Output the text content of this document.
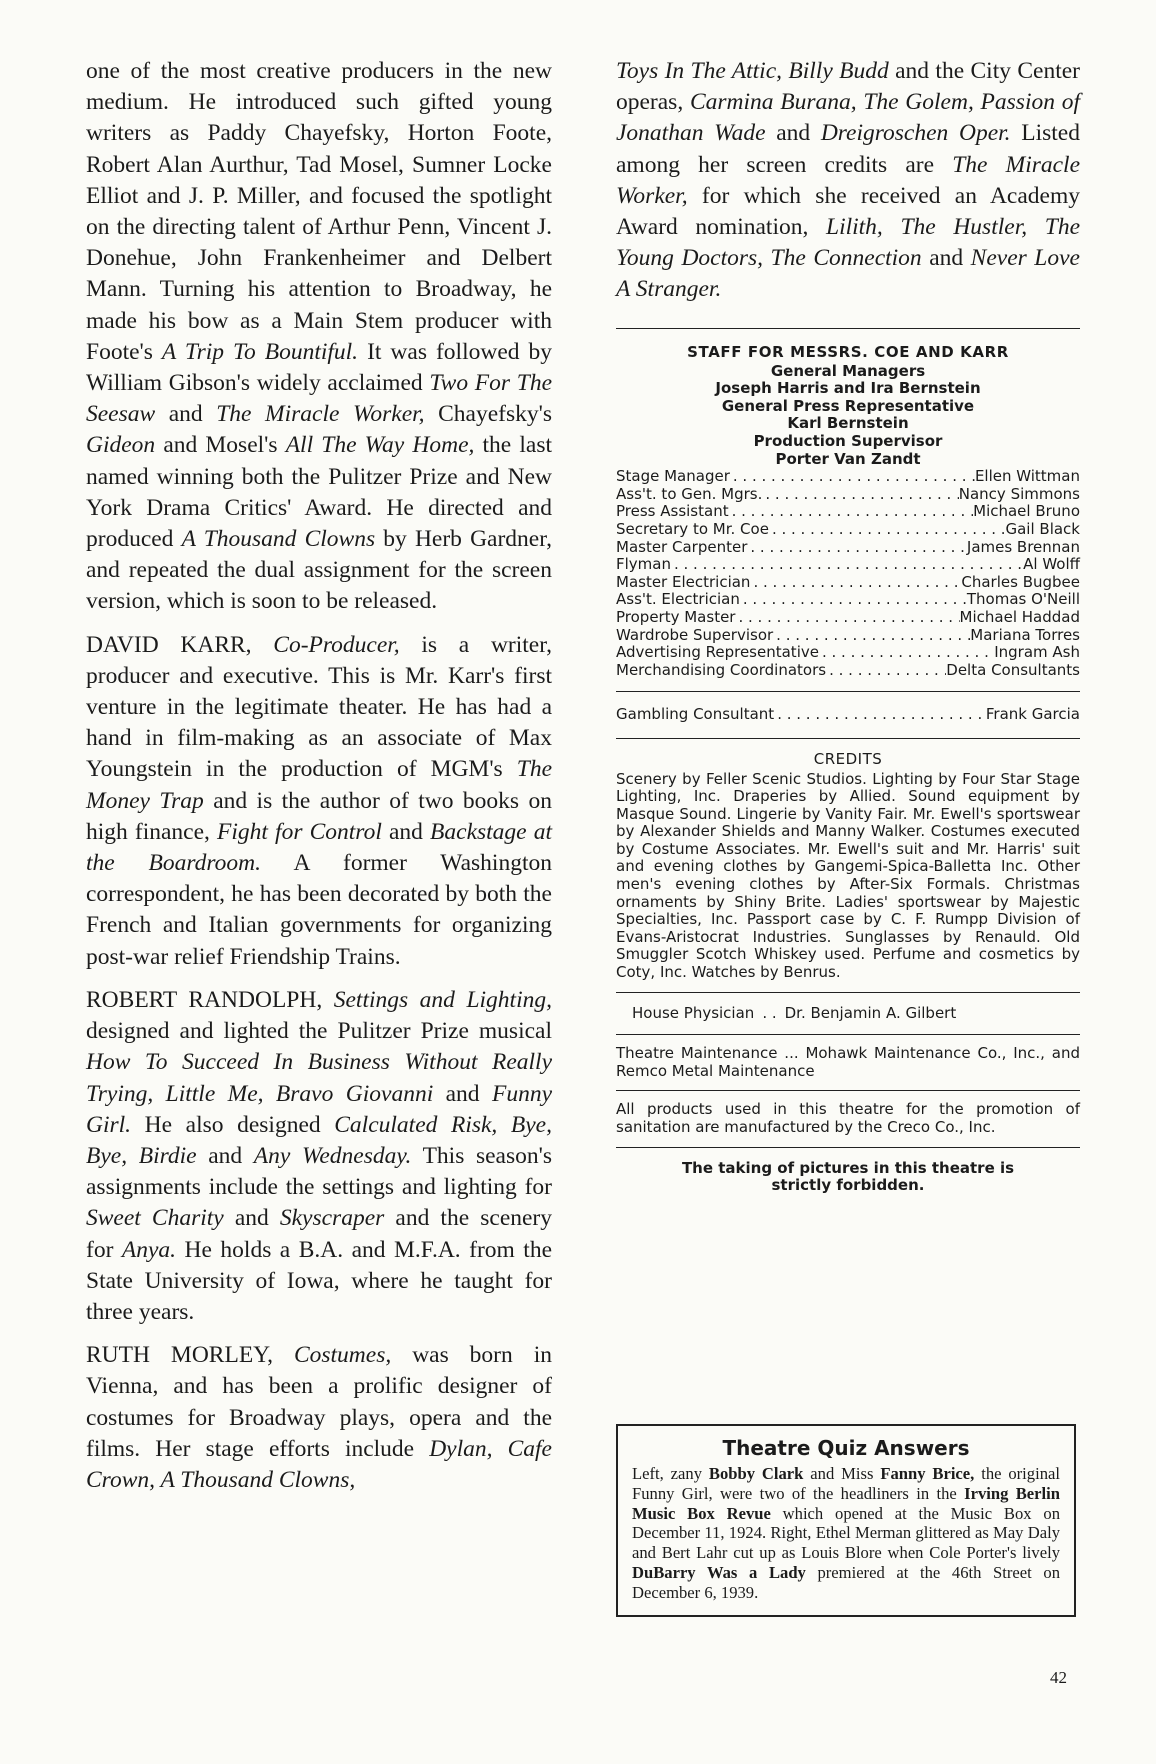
one of the most creative producers in the new medium. He introduced such gifted young writers as Paddy Chayefsky, Horton Foote, Robert Alan Aurthur, Tad Mosel, Sumner Locke Elliot and J. P. Miller, and focused the spotlight on the directing talent of Arthur Penn, Vincent J. Donehue, John Frankenheimer and Delbert Mann. Turning his attention to Broadway, he made his bow as a Main Stem producer with Foote's A Trip To Bountiful. It was followed by William Gibson's widely acclaimed Two For The Seesaw and The Miracle Worker, Chayefsky's Gideon and Mosel's All The Way Home, the last named winning both the Pulitzer Prize and New York Drama Critics' Award. He directed and produced A Thousand Clowns by Herb Gardner, and repeated the dual assignment for the screen version, which is soon to be released.

DAVID KARR, Co-Producer, is a writer, producer and executive. This is Mr. Karr's first venture in the legitimate theater. He has had a hand in film-making as an associate of Max Youngstein in the production of MGM's The Money Trap and is the author of two books on high finance, Fight for Control and Backstage at the Boardroom. A former Washington correspondent, he has been decorated by both the French and Italian governments for organizing post-war relief Friendship Trains.

ROBERT RANDOLPH, Settings and Lighting, designed and lighted the Pulitzer Prize musical How To Succeed In Business Without Really Trying, Little Me, Bravo Giovanni and Funny Girl. He also designed Calculated Risk, Bye, Bye, Birdie and Any Wednesday. This season's assignments include the settings and lighting for Sweet Charity and Skyscraper and the scenery for Anya. He holds a B.A. and M.F.A. from the State University of Iowa, where he taught for three years.

RUTH MORLEY, Costumes, was born in Vienna, and has been a prolific designer of costumes for Broadway plays, opera and the films. Her stage efforts include Dylan, Cafe Crown, A Thousand Clowns,

Toys In The Attic, Billy Budd and the City Center operas, Carmina Burana, The Golem, Passion of Jonathan Wade and Dreigroschen Oper. Listed among her screen credits are The Miracle Worker, for which she received an Academy Award nomination, Lilith, The Hustler, The Young Doctors, The Connection and Never Love A Stranger.

STAFF FOR MESSRS. COE AND KARR
General Managers
Joseph Harris and Ira Bernstein
General Press Representative
Karl Bernstein
Production Supervisor
Porter Van Zandt
Stage Manager . . .	Ellen Wittman
Ass't. to Gen. Mgrs. . . .	Nancy Simmons
Press Assistant . . .	Michael Bruno
Secretary to Mr. Coe . . .	Gail Black
Master Carpenter . . .	James Brennan
Flyman . . .	Al Wolff
Master Electrician . . .	Charles Bugbee
Ass't. Electrician . . .	Thomas O'Neill
Property Master . . .	Michael Haddad
Wardrobe Supervisor . . .	Mariana Torres
Advertising Representative . . .	Ingram Ash
Merchandising Coordinators . . .	Delta Consultants
Gambling Consultant . . .	Frank Garcia
CREDITS
Scenery by Feller Scenic Studios. Lighting by Four Star Stage Lighting, Inc. Draperies by Allied. Sound equipment by Masque Sound. Lingerie by Vanity Fair. Mr. Ewell's sportswear by Alexander Shields and Manny Walker. Costumes executed by Costume Associates. Mr. Ewell's suit and Mr. Harris' suit and evening clothes by Gangemi-Spica-Balletta Inc. Other men's evening clothes by After-Six Formals. Christmas ornaments by Shiny Brite. Ladies' sportswear by Majestic Specialties, Inc. Passport case by C. F. Rumpp Division of Evans-Aristocrat Industries. Sunglasses by Renauld. Old Smuggler Scotch Whiskey used. Perfume and cosmetics by Coty, Inc. Watches by Benrus.
House Physician . . Dr. Benjamin A. Gilbert
Theatre Maintenance ... Mohawk Maintenance Co., Inc., and Remco Metal Maintenance
All products used in this theatre for the promotion of sanitation are manufactured by the Creco Co., Inc.
The taking of pictures in this theatre is strictly forbidden.
Theatre Quiz Answers

Left, zany Bobby Clark and Miss Fanny Brice, the original Funny Girl, were two of the headliners in the Irving Berlin Music Box Revue which opened at the Music Box on December 11, 1924. Right, Ethel Merman glittered as May Daly and Bert Lahr cut up as Louis Blore when Cole Porter's lively DuBarry Was a Lady premiered at the 46th Street on December 6, 1939.

42
